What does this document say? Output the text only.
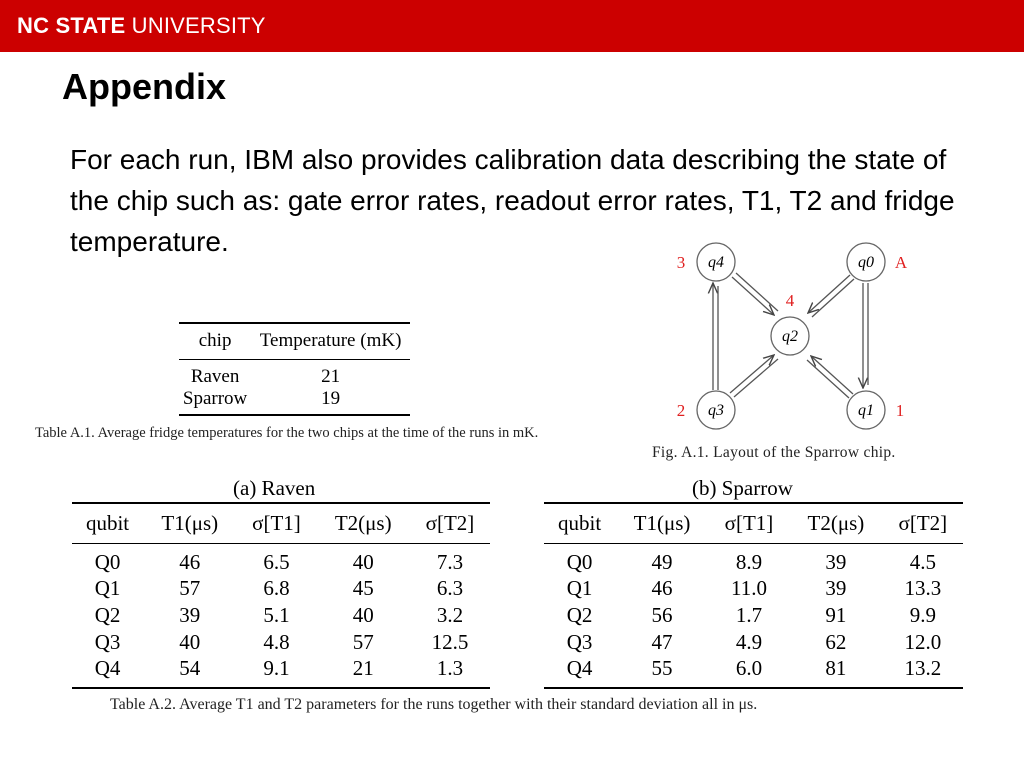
NC STATE UNIVERSITY
Appendix
For each run, IBM also provides calibration data describing the state of the chip such as: gate error rates, readout error rates, T1, T2 and fridge temperature.
chip	Temperature (mK)
Raven	21
Sparrow	19
Table A.1. Average fridge temperatures for the two chips at the time of the runs in mK.
q4	q0
q2
q3	q1
3	A
4
2	1
Fig. A.1. Layout of the Sparrow chip.
(a) Raven
qubit	T1(μs)	σ[T1]	T2(μs)	σ[T2]
Q0	46	6.5	40	7.3
Q1	57	6.8	45	6.3
Q2	39	5.1	40	3.2
Q3	40	4.8	57	12.5
Q4	54	9.1	21	1.3
(b) Sparrow
qubit	T1(μs)	σ[T1]	T2(μs)	σ[T2]
Q0	49	8.9	39	4.5
Q1	46	11.0	39	13.3
Q2	56	1.7	91	9.9
Q3	47	4.9	62	12.0
Q4	55	6.0	81	13.2
Table A.2. Average T1 and T2 parameters for the runs together with their standard deviation all in μs.
